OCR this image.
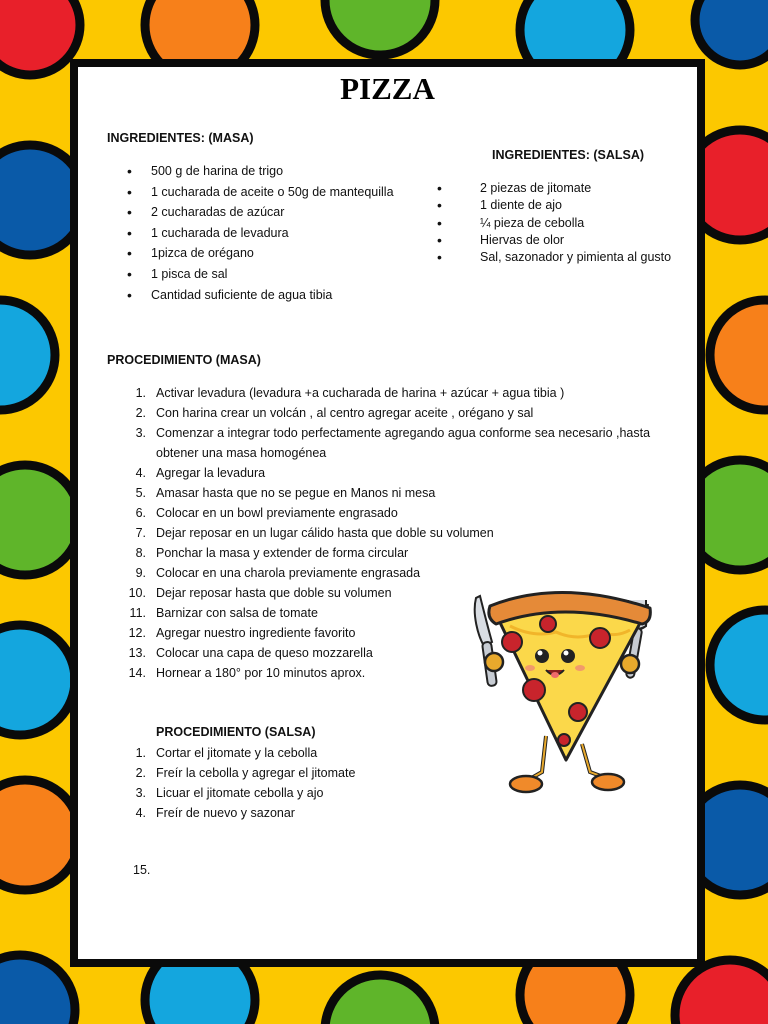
PIZZA
INGREDIENTES: (MASA)
• 500 g de harina de trigo
• 1 cucharada de aceite o 50g de mantequilla
• 2 cucharadas de azúcar
• 1 cucharada de levadura
• 1pizca de orégano
• 1 pisca de sal
• Cantidad suficiente de agua tibia
INGREDIENTES: (SALSA)
• 2 piezas de jitomate
• 1 diente de ajo
• ¼ pieza de cebolla
• Hiervas de olor
• Sal, sazonador y pimienta al gusto
PROCEDIMIENTO (MASA)
1. Activar levadura (levadura +a cucharada de harina + azúcar + agua tibia )
2. Con harina crear un volcán , al centro agregar aceite , orégano y sal
3. Comenzar a integrar todo perfectamente agregando agua conforme sea necesario ,hasta obtener una masa homogénea
4. Agregar la levadura
5. Amasar hasta que no se pegue en Manos ni mesa
6. Colocar en un bowl previamente engrasado
7. Dejar reposar en un lugar cálido hasta que doble su volumen
8. Ponchar la masa y extender de forma circular
9. Colocar en una charola previamente engrasada
10. Dejar reposar hasta que doble su volumen
11. Barnizar con salsa de tomate
12. Agregar nuestro ingrediente favorito
13. Colocar una capa de queso mozzarella
14. Hornear a 180° por 10 minutos aprox.
PROCEDIMIENTO (SALSA)
1. Cortar el jitomate y la cebolla
2. Freír la cebolla y agregar el jitomate
3. Licuar el jitomate cebolla y ajo
4. Freír de nuevo y sazonar
15.
